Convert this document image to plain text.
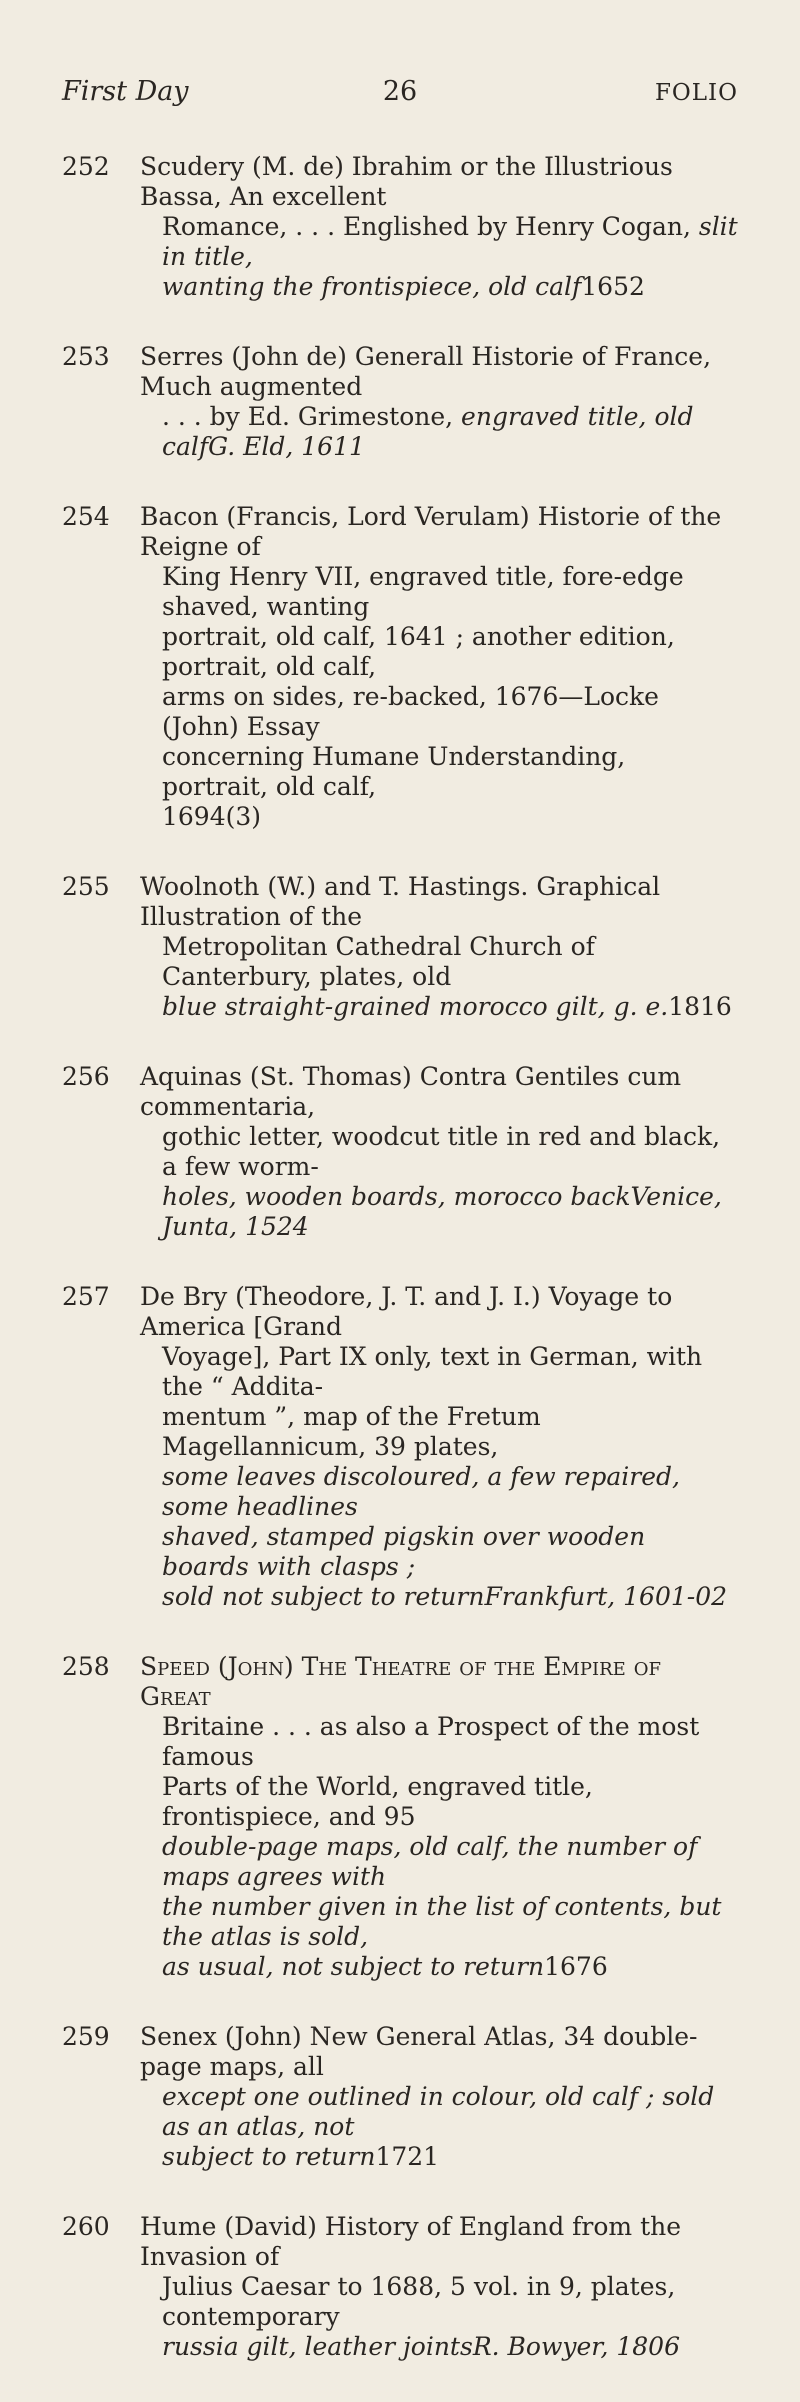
First Day	26	FOLIO
252	Scudery (M. de) Ibrahim or the Illustrious Bassa, An excellent
Romance, . . . Englished by Henry Cogan, slit in title,
wanting the frontispiece, old calf1652
253	Serres (John de) Generall Historie of France, Much augmented
. . . by Ed. Grimestone, engraved title, old calfG. Eld, 1611
254	Bacon (Francis, Lord Verulam) Historie of the Reigne of
King Henry VII, engraved title, fore-edge shaved, wanting
portrait, old calf, 1641 ; another edition, portrait, old calf,
arms on sides, re-backed, 1676—Locke (John) Essay
concerning Humane Understanding, portrait, old calf,
1694(3)
255	Woolnoth (W.) and T. Hastings. Graphical Illustration of the
Metropolitan Cathedral Church of Canterbury, plates, old
blue straight-grained morocco gilt, g. e.1816
256	Aquinas (St. Thomas) Contra Gentiles cum commentaria,
gothic letter, woodcut title in red and black, a few worm-
holes, wooden boards, morocco backVenice, Junta, 1524
257	De Bry (Theodore, J. T. and J. I.) Voyage to America [Grand
Voyage], Part IX only, text in German, with the “ Addita-
mentum ”, map of the Fretum Magellannicum, 39 plates,
some leaves discoloured, a few repaired, some headlines
shaved, stamped pigskin over wooden boards with clasps ;
sold not subject to returnFrankfurt, 1601-02
258	Speed (John) The Theatre of the Empire of Great
Britaine . . . as also a Prospect of the most famous
Parts of the World, engraved title, frontispiece, and 95
double-page maps, old calf, the number of maps agrees with
the number given in the list of contents, but the atlas is sold,
as usual, not subject to return1676
259	Senex (John) New General Atlas, 34 double-page maps, all
except one outlined in colour, old calf ; sold as an atlas, not
subject to return1721
260	Hume (David) History of England from the Invasion of
Julius Caesar to 1688, 5 vol. in 9, plates, contemporary
russia gilt, leather jointsR. Bowyer, 1806
